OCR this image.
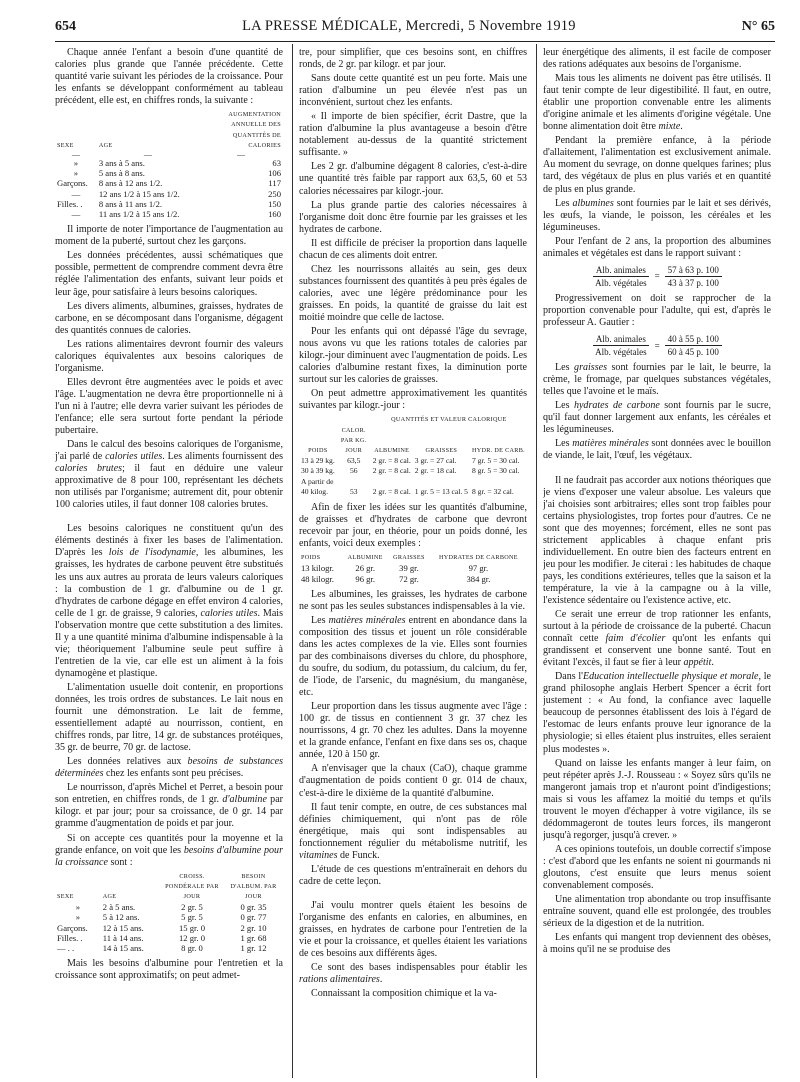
654	LA PRESSE MÉDICALE, Mercredi, 5 Novembre 1919	N° 65

Chaque année l'enfant a besoin d'une quantité de calories plus grande que l'année précédente. Cette quantité varie suivant les périodes de la croissance. Pour les enfants se développant conformément au tableau précédent, elle est, en chiffres ronds, la suivante :

SEXE	AGE	AUGMENTATION ANNUELLE DES QUANTITÉS DE CALORIES
—	—	—
»	3 ans à 5 ans.	63
»	5 ans à 8 ans.	106
Garçons.	8 ans à 12 ans 1/2.	117
—	12 ans 1/2 à 15 ans 1/2.	250
Filles. .	8 ans à 11 ans 1/2.	150
—	11 ans 1/2 à 15 ans 1/2.	160

Il importe de noter l'importance de l'augmentation au moment de la puberté, surtout chez les garçons.

Les données précédentes, aussi schématiques que possible, permettent de comprendre comment devra être réglée l'alimentation des enfants, suivant leur poids et leur âge, pour satisfaire à leurs besoins caloriques.

Les divers aliments, albumines, graisses, hydrates de carbone, en se décomposant dans l'organisme, dégagent des quantités connues de calories.

Les rations alimentaires devront fournir des valeurs caloriques équivalentes aux besoins caloriques de l'organisme.

Elles devront être augmentées avec le poids et avec l'âge. L'augmentation ne devra être proportionnelle ni à l'un ni à l'autre; elle devra varier suivant les périodes de l'enfance; elle sera surtout forte pendant la période pubertaire.

Dans le calcul des besoins caloriques de l'organisme, j'ai parlé de calories utiles. Les aliments fournissent des calories brutes; il faut en déduire une valeur approximative de 8 pour 100, représentant les déchets non utilisés par l'organisme; autrement dit, pour obtenir 100 calories utiles, il faut donner 108 calories brutes.

Les besoins caloriques ne constituent qu'un des éléments destinés à fixer les bases de l'alimentation. D'après les lois de l'isodynamie, les albumines, les graisses, les hydrates de carbone peuvent être substitués les uns aux autres au prorata de leurs valeurs caloriques : la combustion de 1 gr. d'albumine ou de 1 gr. d'hydrates de carbone dégage en effet environ 4 calories, celle de 1 gr. de graisse, 9 calories, calories utiles. Mais l'observation montre que cette substitution a des limites. Il y a une quantité minima d'albumine indispensable à la vie; théoriquement l'albumine seule peut suffire à l'entretien de la vie, car elle est un aliment à la fois dynamogène et plastique.

L'alimentation usuelle doit contenir, en proportions données, les trois ordres de substances. Le lait nous en fournit une démonstration. Le lait de femme, essentiellement adapté au nourrisson, contient, en chiffres ronds, par litre, 14 gr. de substances protéiques, 35 gr. de beurre, 70 gr. de lactose.

Les données relatives aux besoins de substances déterminées chez les enfants sont peu précises.

Le nourrisson, d'après Michel et Perret, a besoin pour son entretien, en chiffres ronds, de 1 gr. d'albumine par kilogr. et par jour; pour sa croissance, de 0 gr. 14 par gramme d'augmentation de poids et par jour.

Si on accepte ces quantités pour la moyenne et la grande enfance, on voit que les besoins d'albumine pour la croissance sont :

SEXE	AGE	CROISS. PONDÉRALE PAR JOUR	BESOIN D'ALBUM. PAR JOUR
»	2 à 5 ans.	2 gr. 5	0 gr. 35
»	5 à 12 ans.	5 gr. 5	0 gr. 77
Garçons.	12 à 15 ans.	15 gr. 0	2 gr. 10
Filles. .	11 à 14 ans.	12 gr. 0	1 gr. 68
— . .	14 à 15 ans.	8 gr. 0	1 gr. 12

Mais les besoins d'albumine pour l'entretien et la croissance sont approximatifs; on peut admet-

tre, pour simplifier, que ces besoins sont, en chiffres ronds, de 2 gr. par kilogr. et par jour.

Sans doute cette quantité est un peu forte. Mais une ration d'albumine un peu élevée n'est pas un inconvénient, surtout chez les enfants.

« Il importe de bien spécifier, écrit Dastre, que la ration d'albumine la plus avantageuse a besoin d'être notablement au-dessus de la quantité strictement suffisante. »

Les 2 gr. d'albumine dégagent 8 calories, c'est-à-dire une quantité très faible par rapport aux 63,5, 60 et 53 calories nécessaires par kilogr.-jour.

La plus grande partie des calories nécessaires à l'organisme doit donc être fournie par les graisses et les hydrates de carbone.

Il est difficile de préciser la proportion dans laquelle chacun de ces aliments doit entrer.

Chez les nourrissons allaités au sein, ges deux substances fournissent des quantités à peu près égales de calories, avec une légère prédominance pour les graisses. En poids, la quantité de graisse du lait est moitié moindre que celle de lactose.

Pour les enfants qui ont dépassé l'âge du sevrage, nous avons vu que les rations totales de calories par kilogr.-jour diminuent avec l'augmentation de poids. Les calories d'albumine restant fixes, la diminution porte surtout sur les calories de graisses.

On peut admettre approximativement les quantités suivantes par kilogr.-jour :

		QUANTITÉS ET VALEUR CALORIQUE		
POIDS	CALOR. PAR KG. JOUR	ALBUMINE	GRAISSES	HYDR. DE CARB.
13 à 29 kg.	63,5	2 gr. = 8 cal.	3 gr. = 27 cal.	7 gr. 5 = 30 cal.
30 à 39 kg.	56	2 gr. = 8 cal.	2 gr. = 18 cal.	8 gr. 5 = 30 cal.
A partir de				
40 kilog.	53	2 gr. = 8 cal.	1 gr. 5 = 13 cal. 5	8 gr. = 32 cal.

Afin de fixer les idées sur les quantités d'albumine, de graisses et d'hydrates de carbone que devront recevoir par jour, en théorie, pour un poids donné, les enfants, voici deux exemples :

POIDS	ALBUMINE	GRAISSES	HYDRATES DE CARBONE
13 kilogr.	26 gr.	39 gr.	97 gr.
48 kilogr.	96 gr.	72 gr.	384 gr.

Les albumines, les graisses, les hydrates de carbone ne sont pas les seules substances indispensables à la vie.

Les matières minérales entrent en abondance dans la composition des tissus et jouent un rôle considérable dans les actes complexes de la vie. Elles sont fournies par des combinaisons diverses du chlore, du phosphore, du soufre, du sodium, du potassium, du calcium, du fer, de l'iode, de l'arsenic, du magnésium, du manganèse, etc.

Leur proportion dans les tissus augmente avec l'âge : 100 gr. de tissus en contiennent 3 gr. 37 chez les nourrissons, 4 gr. 70 chez les adultes. Dans la moyenne et la grande enfance, l'enfant en fixe dans ses os, chaque année, 120 à 150 gr.

A n'envisager que la chaux (CaO), chaque gramme d'augmentation de poids contient 0 gr. 014 de chaux, c'est-à-dire le dixième de la quantité d'albumine.

Il faut tenir compte, en outre, de ces substances mal définies chimiquement, qui n'ont pas de rôle énergétique, mais qui sont indispensables au fonctionnement régulier du métabolisme nutritif, les vitamines de Funck.

L'étude de ces questions m'entraînerait en dehors du cadre de cette leçon.

J'ai voulu montrer quels étaient les besoins de l'organisme des enfants en calories, en albumines, en graisses, en hydrates de carbone pour l'entretien de la vie et pour la croissance, et quelles étaient les variations de ces besoins aux différents âges.

Ce sont des bases indispensables pour établir les rations alimentaires.

Connaissant la composition chimique et la va-

leur énergétique des aliments, il est facile de composer des rations adéquates aux besoins de l'organisme.

Mais tous les aliments ne doivent pas être utilisés. Il faut tenir compte de leur digestibilité. Il faut, en outre, établir une proportion convenable entre les aliments d'origine animale et les aliments d'origine végétale. Une bonne alimentation doit être mixte.

Pendant la première enfance, à la période d'allaitement, l'alimentation est exclusivement animale. Au moment du sevrage, on donne quelques farines; plus tard, des végétaux de plus en plus variés et en quantité de plus en plus grande.

Les albumines sont fournies par le lait et ses dérivés, les œufs, la viande, le poisson, les céréales et les légumineuses.

Pour l'enfant de 2 ans, la proportion des albumines animales et végétales est dans le rapport suivant :

Alb. animales
Alb. végétales
= $\frac{57 à 63 p. 100}{43 à 37 p. 100}$

Progressivement on doit se rapprocher de la proportion convenable pour l'adulte, qui est, d'après le professeur A. Gautier :

Alb. animales
Alb. végétales
= $\frac{40 à 55 p. 100}{60 à 45 p. 100}$

Les graisses sont fournies par le lait, le beurre, la crème, le fromage, par quelques substances végétales, telles que l'avoine et le maïs.

Les hydrates de carbone sont fournis par le sucre, qu'il faut donner largement aux enfants, les céréales et les légumineuses.

Les matières minérales sont données avec le bouillon de viande, le lait, l'œuf, les végétaux.

Il ne faudrait pas accorder aux notions théoriques que je viens d'exposer une valeur absolue. Les valeurs que j'ai choisies sont arbitraires; elles sont trop faibles pour certains physiologistes, trop fortes pour d'autres. Ce ne sont que des moyennes; forcément, elles ne sont pas strictement applicables à chaque enfant pris individuellement. En outre bien des facteurs entrent en jeu pour les modifier. Je citerai : les habitudes de chaque pays, les conditions extérieures, telles que la saison et la température, la vie à la campagne ou à la ville, l'existence sédentaire ou l'existence active, etc.

Ce serait une erreur de trop rationner les enfants, surtout à la période de croissance de la puberté. Chacun connaît cette faim d'écolier qu'ont les enfants qui grandissent et conservent une bonne santé. Tout en évitant l'excès, il faut se fier à leur appétit.

Dans l'Education intellectuelle physique et morale, le grand philosophe anglais Herbert Spencer a écrit fort justement : « Au fond, la confiance avec laquelle beaucoup de personnes établissent des lois à l'égard de l'estomac de leurs enfants prouve leur ignorance de la physiologie; si elles étaient plus instruites, elles seraient plus modestes ».

Quand on laisse les enfants manger à leur faim, on peut répéter après J.-J. Rousseau : « Soyez sûrs qu'ils ne mangeront jamais trop et n'auront point d'indigestions; mais si vous les affamez la moitié du temps et qu'ils trouvent le moyen d'échapper à votre vigilance, ils se dédommageront de toutes leurs forces, ils mangeront jusqu'à regorger, jusqu'à crever. »

A ces opinions toutefois, un double correctif s'impose : c'est d'abord que les enfants ne soient ni gourmands ni gloutons, c'est ensuite que leurs menus soient convenablement composés.

Une alimentation trop abondante ou trop insuffisante entraîne souvent, quand elle est prolongée, des troubles sérieux de la digestion et de la nutrition.

Les enfants qui mangent trop deviennent des obèses, à moins qu'il ne se produise des
